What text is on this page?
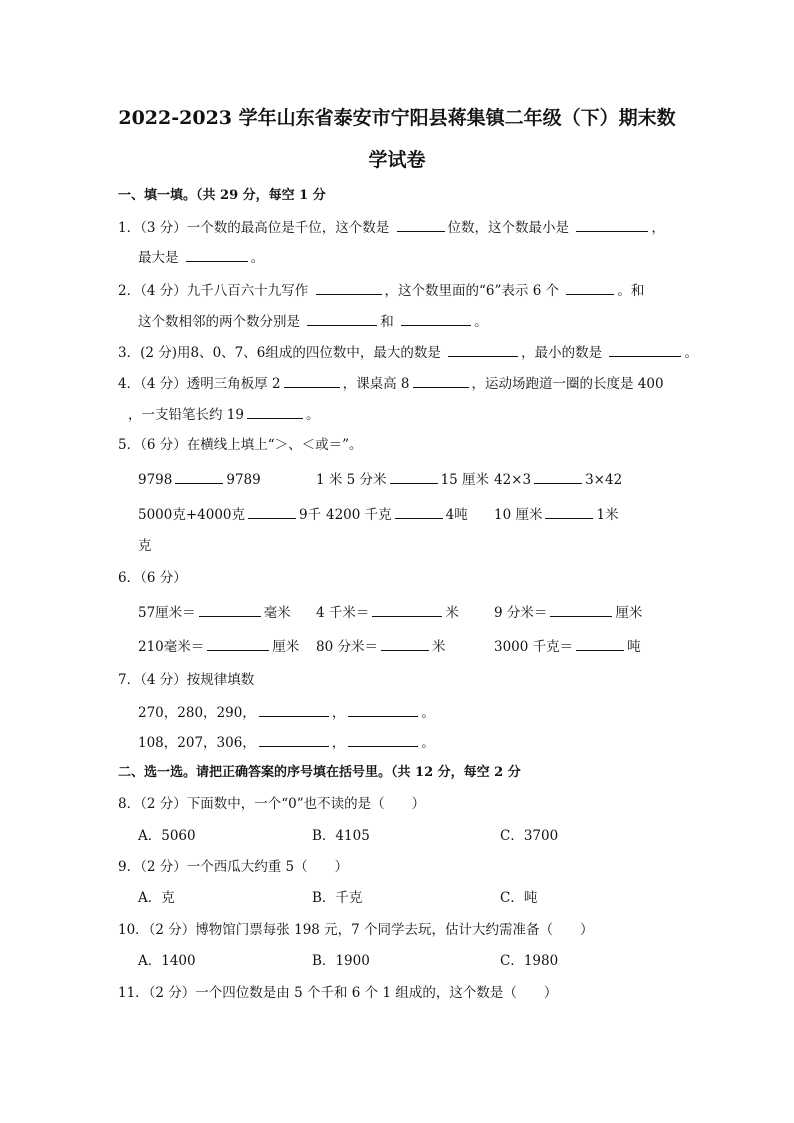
2022-2023 学年山东省泰安市宁阳县蒋集镇二年级（下）期末数
学试卷
一、填一填。（共 29 分，每空 1 分
1．（3 分）一个数的最高位是千位，这个数是	位数，这个数最小是	，
最大是	。
2．（4 分）九千八百六十九写作	，这个数里面的“6”表示 6 个	。和
这个数相邻的两个数分别是	和	。
3．(2 分)用8、0、7、6组成的四位数中，最大的数是	，最小的数是	。
4．（4 分）透明三角板厚 2	，课桌高 8	，运动场跑道一圈的长度是 400
，一支铅笔长约 19	。
5．（6 分）在横线上填上“＞、＜或＝”。
9798	9789	1 米 5 分米	15 厘米 42×3	3×42
5000克+4000克	9千 4200 千克	4吨 10 厘米	1米
克
6．（6 分）
57厘米＝	毫米 4 千米＝	米	9 分米＝	厘米
210毫米＝	厘米 80 分米＝	米	3000 千克＝	吨
7．（4 分）按规律填数
270，280，290，	，	。
108，207，306，	，	。
二、选一选。请把正确答案的序号填在括号里。（共 12 分，每空 2 分
8．（2 分）下面数中，一个“0”也不读的是（　　）
A．5060	B．4105	C．3700
9．（2 分）一个西瓜大约重 5（　　）
A．克	B．千克	C．吨
10．（2 分）博物馆门票每张 198 元，7 个同学去玩，估计大约需准备（　　）
A．1400	B．1900	C．1980
11．（2 分）一个四位数是由 5 个千和 6 个 1 组成的，这个数是（　　）
